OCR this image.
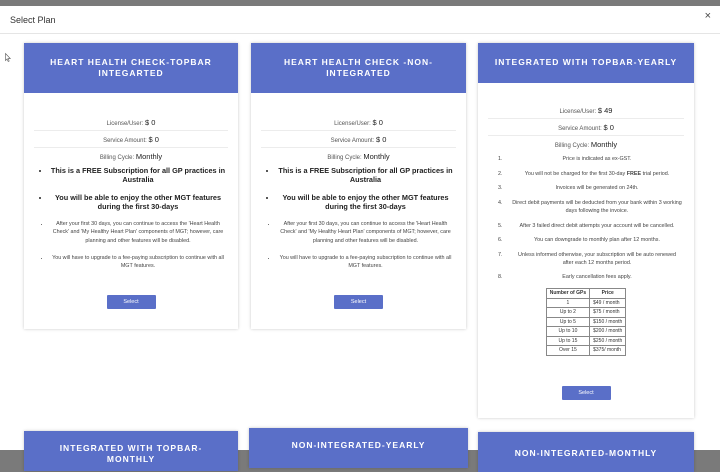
Select Plan	×
HEART HEALTH CHECK-TOPBAR INTEGARTED
License/User: $ 0
Service Amount: $ 0
Billing Cycle: Monthly
• This is a FREE Subscription for all GP practices in Australia
• You will be able to enjoy the other MGT features during the first 30-days
• After your first 30 days, you can continue to access the 'Heart Health Check' and 'My Healthy Heart Plan' components of MGT; however, care planning and other features will be disabled.
• You will have to upgrade to a fee-paying subscription to continue with all MGT features.
Select
HEART HEALTH CHECK -NON-INTEGRATED
License/User: $ 0
Service Amount: $ 0
Billing Cycle: Monthly
• This is a FREE Subscription for all GP practices in Australia
• You will be able to enjoy the other MGT features during the first 30-days
• After your first 30 days, you can continue to access the 'Heart Health Check' and 'My Healthy Heart Plan' components of MGT; however, care planning and other features will be disabled.
• You will have to upgrade to a fee-paying subscription to continue with all MGT features.
Select
INTEGRATED WITH TOPBAR-YEARLY
License/User: $ 49
Service Amount: $ 0
Billing Cycle: Monthly
1.	Price is indicated as ex-GST.
2.	You will not be charged for the first 30-day FREE trial period.
3.	Invoices will be generated on 24th.
4.	Direct debit payments will be deducted from your bank within 3 working days following the invoice.
5.	After 3 failed direct debit attempts your account will be cancelled.
6.	You can downgrade to monthly plan after 12 months.
7.	Unless informed otherwise, your subscription will be auto renewed after each 12 months period.
8.	Early cancellation fees apply.
Number of GPs	Price
1	$49 / month
Up to 2	$75 / month
Up to 5	$150 / month
Up to 10	$200 / month
Up to 15	$250 / month
Over 15	$375/ month
Select
INTEGRATED WITH TOPBAR-MONTHLY
NON-INTEGRATED-YEARLY
NON-INTEGRATED-MONTHLY
